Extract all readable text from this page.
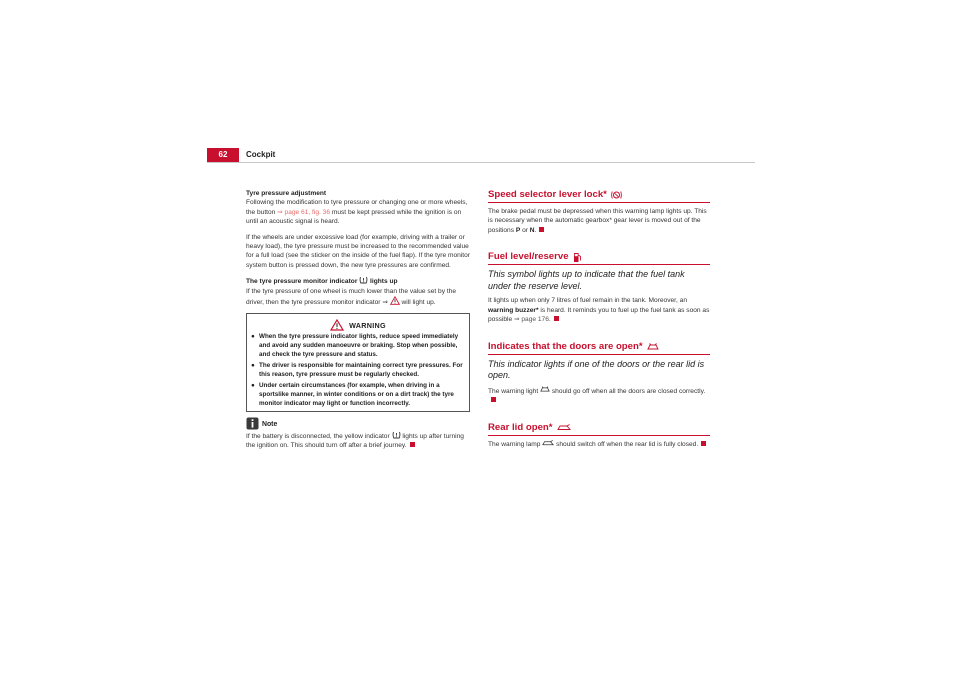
62	Cockpit
Tyre pressure adjustment

Following the modification to tyre pressure or changing one or more wheels, the button ⇒ page 61, fig. 36 must be kept pressed while the ignition is on until an acoustic signal is heard.

If the wheels are under excessive load (for example, driving with a trailer or heavy load), the tyre pressure must be increased to the recommended value for a full load (see the sticker on the inside of the fuel flap). If the tyre monitor system button is pressed down, the new tyre pressures are confirmed.

The tyre pressure monitor indicator  lights up

If the tyre pressure of one wheel is much lower than the value set by the driver, then the tyre pressure monitor indicator ⇒  will light up.

WARNING
● When the tyre pressure indicator lights, reduce speed immediately and avoid any sudden manoeuvre or braking. Stop when possible, and check the tyre pressure and status.
● The driver is responsible for maintaining correct tyre pressures. For this reason, tyre pressure must be regularly checked.
● Under certain circumstances (for example, when driving in a sportslike manner, in winter conditions or on a dirt track) the tyre monitor indicator may light or function incorrectly.
Note

If the battery is disconnected, the yellow indicator  lights up after turning the ignition on. This should turn off after a brief journey.

Speed selector lever lock*

The brake pedal must be depressed when this warning lamp lights up. This is necessary when the automatic gearbox* gear lever is moved out of the positions P or N.

Fuel level/reserve
This symbol lights up to indicate that the fuel tank under the reserve level.

It lights up when only 7 litres of fuel remain in the tank. Moreover, an warning buzzer* is heard. It reminds you to fuel up the fuel tank as soon as possible ⇒ page 176.

Indicates that the doors are open*
This indicator lights if one of the doors or the rear lid is open.

The warning light  should go off when all the doors are closed correctly.

Rear lid open*

The warning lamp  should switch off when the rear lid is fully closed.
